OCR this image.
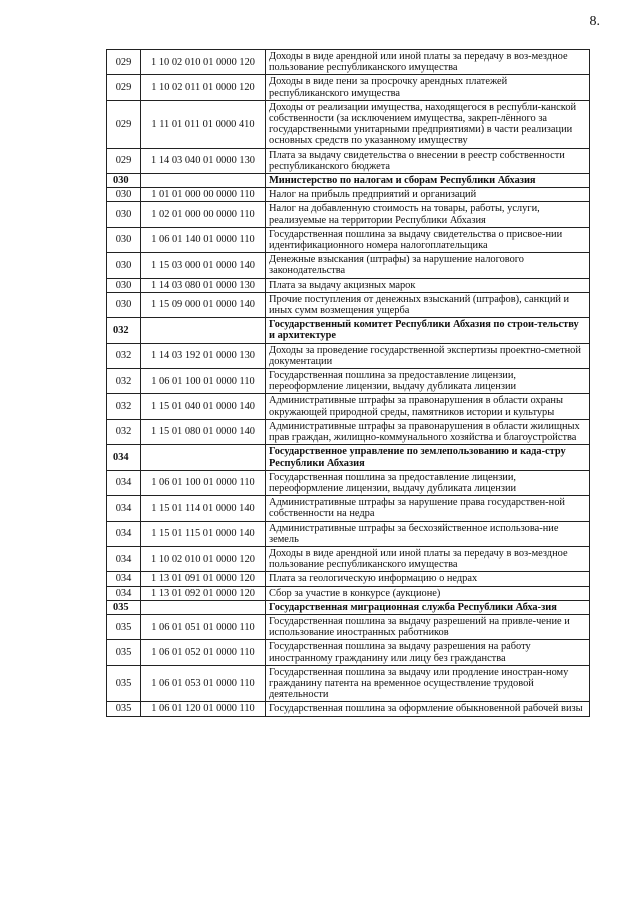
8.
029	1 10 02 010 01 0000 120	Доходы в виде арендной или иной платы за передачу в воз-мездное пользование республиканского имущества
029	1 10 02 011 01 0000 120	Доходы в виде пени за просрочку арендных платежей республиканского имущества
029	1 11 01 011 01 0000 410	Доходы от реализации имущества, находящегося в республи-канской собственности (за исключением имущества, закреп-лённого за государственными унитарными предприятиями) в части реализации основных средств по указанному имуществу
029	1 14 03 040 01 0000 130	Плата за выдачу свидетельства о внесении в реестр собственности республиканского бюджета
030		Министерство по налогам и сборам Республики Абхазия
030	1 01 01 000 00 0000 110	Налог на прибыль предприятий и организаций
030	1 02 01 000 00 0000 110	Налог на добавленную стоимость на товары, работы, услуги, реализуемые на территории Республики Абхазия
030	1 06 01 140 01 0000 110	Государственная пошлина за выдачу свидетельства о присвое-нии идентификационного номера налогоплательщика
030	1 15 03 000 01 0000 140	Денежные взыскания (штрафы) за нарушение налогового законодательства
030	1 14 03 080 01 0000 130	Плата за выдачу акцизных марок
030	1 15 09 000 01 0000 140	Прочие поступления от денежных взысканий (штрафов), санкций и иных сумм возмещения ущерба
032		Государственный комитет Республики Абхазия по строи-тельству и архитектуре
032	1 14 03 192 01 0000 130	Доходы за проведение государственной экспертизы проектно-сметной документации
032	1 06 01 100 01 0000 110	Государственная пошлина за предоставление лицензии, переоформление лицензии, выдачу дубликата лицензии
032	1 15 01 040 01 0000 140	Административные штрафы за правонарушения в области охраны окружающей природной среды, памятников истории и культуры
032	1 15 01 080 01 0000 140	Административные штрафы за правонарушения в области жилищных прав граждан, жилищно-коммунального хозяйства и благоустройства
034		Государственное управление по землепользованию и када-стру Республики Абхазия
034	1 06 01 100 01 0000 110	Государственная пошлина за предоставление лицензии, переоформление лицензии, выдачу дубликата лицензии
034	1 15 01 114 01 0000 140	Административные штрафы за нарушение права государствен-ной собственности на недра
034	1 15 01 115 01 0000 140	Административные штрафы за бесхозяйственное использова-ние земель
034	1 10 02 010 01 0000 120	Доходы в виде арендной или иной платы за передачу в воз-мездное пользование республиканского имущества
034	1 13 01 091 01 0000 120	Плата за геологическую информацию о недрах
034	1 13 01 092 01 0000 120	Сбор за участие в конкурсе (аукционе)
035		Государственная миграционная служба Республики Абха-зия
035	1 06 01 051 01 0000 110	Государственная пошлина за выдачу разрешений на привле-чение и использование иностранных работников
035	1 06 01 052 01 0000 110	Государственная пошлина за выдачу разрешения на работу иностранному гражданину или лицу без гражданства
035	1 06 01 053 01 0000 110	Государственная пошлина за выдачу или продление иностран-ному гражданину патента на временное осуществление трудовой деятельности
035	1 06 01 120 01 0000 110	Государственная пошлина за оформление обыкновенной рабочей визы
